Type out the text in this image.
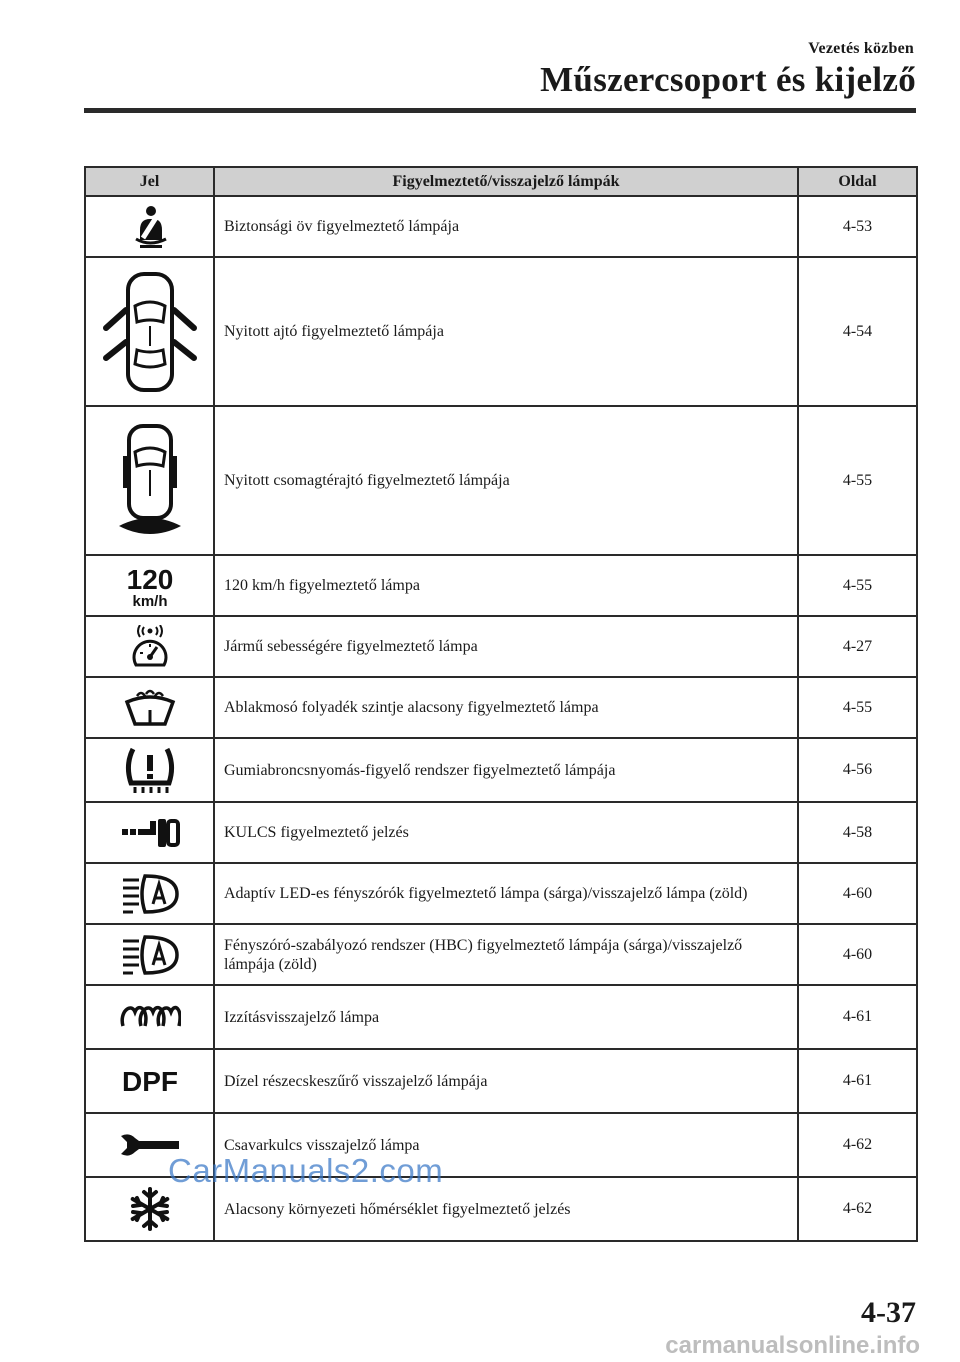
Vezetés közben
Műszercsoport és kijelző
Jel	Figyelmeztető/visszajelző lámpák	Oldal

	Biztonsági öv figyelmeztető lámpája	4-53

	Nyitott ajtó figyelmeztető lámpája	4-54

	Nyitott csomagtérajtó figyelmeztető lámpája	4-55

120
km/h	120 km/h figyelmeztető lámpa	4-55

	Jármű sebességére figyelmeztető lámpa	4-27

	Ablakmosó folyadék szintje alacsony figyelmeztető lámpa	4-55

	Gumiabroncsnyomás-figyelő rendszer figyelmeztető lámpája	4-56

	KULCS figyelmeztető jelzés	4-58

	Adaptív LED-es fényszórók figyelmeztető lámpa (sárga)/visszajelző lámpa (zöld)	4-60

	Fényszóró-szabályozó rendszer (HBC) figyelmeztető lámpája (sárga)/visszajelző lámpája (zöld)	4-60

	Izzításvisszajelző lámpa	4-61

DPF	Dízel részecskeszűrő visszajelző lámpája	4-61

	Csavarkulcs visszajelző lámpa	4-62

	Alacsony környezeti hőmérséklet figyelmeztető jelzés	4-62
CarManuals2.com
4-37
carmanualsonline.info
